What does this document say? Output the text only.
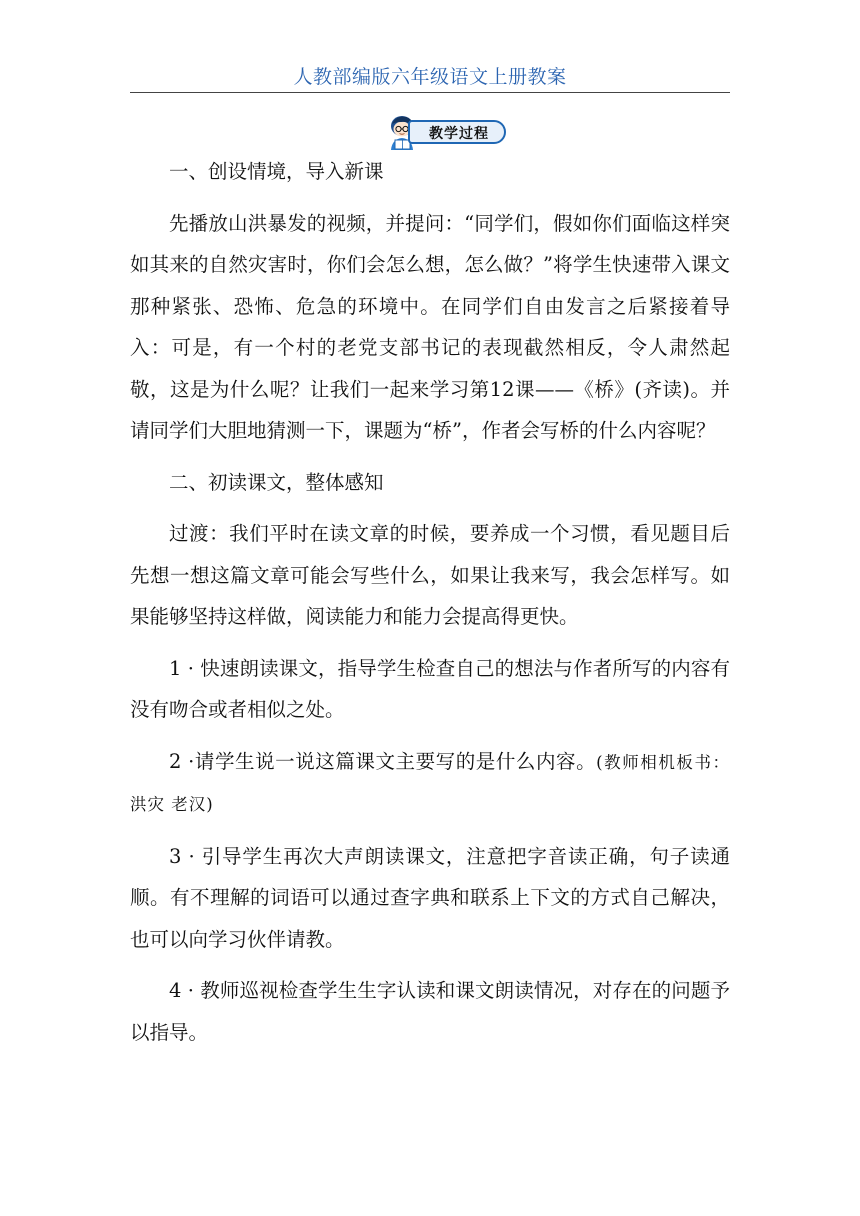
人教部编版六年级语文上册教案
教学过程

一、创设情境，导入新课

先播放山洪暴发的视频，并提问：“同学们，假如你们面临这样突如其来的自然灾害时，你们会怎么想，怎么做？”将学生快速带入课文那种紧张、恐怖、危急的环境中。在同学们自由发言之后紧接着导入：可是，有一个村的老党支部书记的表现截然相反，令人肃然起敬，这是为什么呢？让我们一起来学习第12课——《桥》(齐读)。并请同学们大胆地猜测一下，课题为“桥”，作者会写桥的什么内容呢？

二、初读课文，整体感知

过渡：我们平时在读文章的时候，要养成一个习惯，看见题目后先想一想这篇文章可能会写些什么，如果让我来写，我会怎样写。如果能够坚持这样做，阅读能力和能力会提高得更快。

1 · 快速朗读课文，指导学生检查自己的想法与作者所写的内容有没有吻合或者相似之处。

2 ·请学生说一说这篇课文主要写的是什么内容。(教师相机板书：洪灾 老汉)

3 · 引导学生再次大声朗读课文，注意把字音读正确，句子读通顺。有不理解的词语可以通过查字典和联系上下文的方式自己解决，也可以向学习伙伴请教。

4 · 教师巡视检查学生生字认读和课文朗读情况，对存在的问题予以指导。
